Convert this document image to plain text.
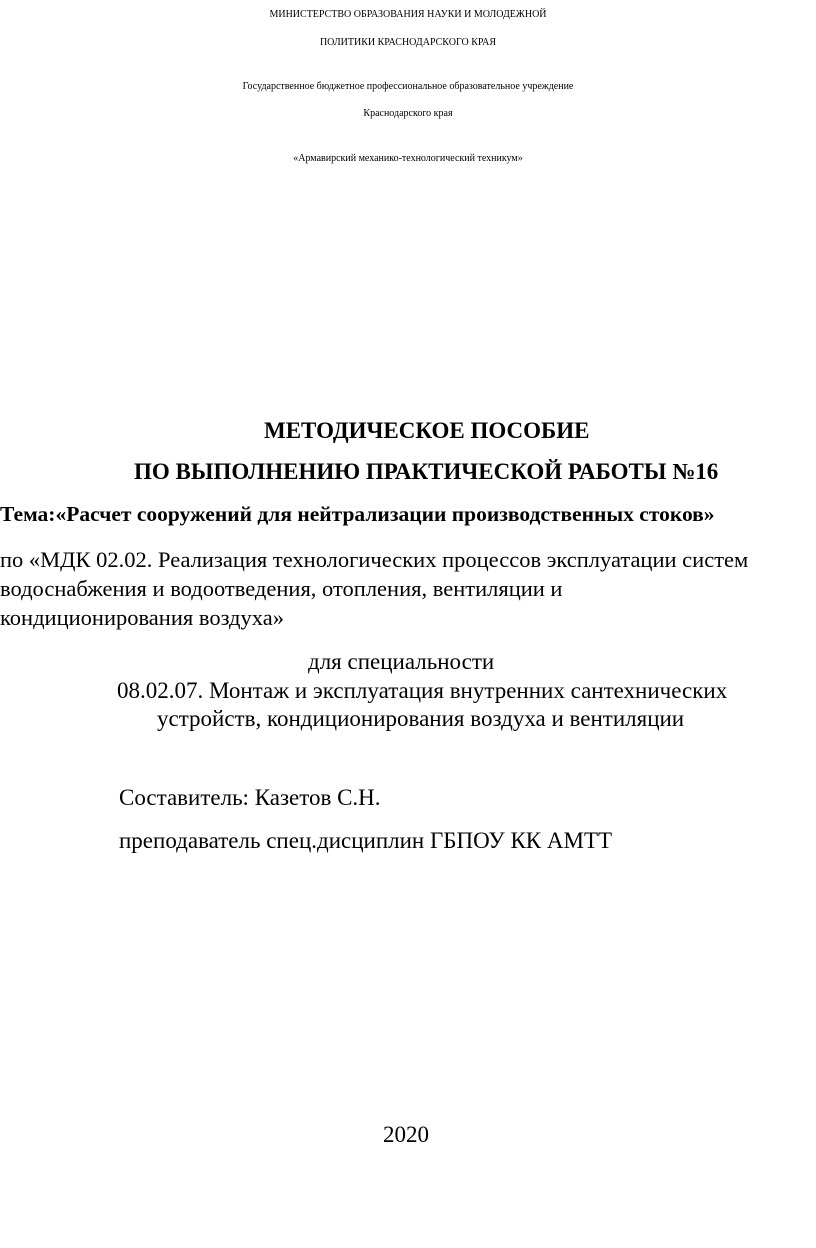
МИНИСТЕРСТВО ОБРАЗОВАНИЯ НАУКИ И МОЛОДЕЖНОЙ
ПОЛИТИКИ КРАСНОДАРСКОГО КРАЯ
Государственное бюджетное профессиональное образовательное учреждение
Краснодарского края
«Армавирский механико-технологический техникум»
МЕТОДИЧЕСКОЕ ПОСОБИЕ
ПО ВЫПОЛНЕНИЮ ПРАКТИЧЕСКОЙ РАБОТЫ №16
Тема:«Расчет сооружений для нейтрализации производственных стоков»
по «МДК 02.02. Реализация технологических процессов эксплуатации систем
водоснабжения и водоотведения, отопления, вентиляции и
кондиционирования воздуха»
для специальности
08.02.07. Монтаж и эксплуатация внутренних сантехнических
устройств, кондиционирования воздуха и вентиляции
Составитель: Казетов С.Н.
преподаватель спец.дисциплин ГБПОУ КК АМТТ
2020
